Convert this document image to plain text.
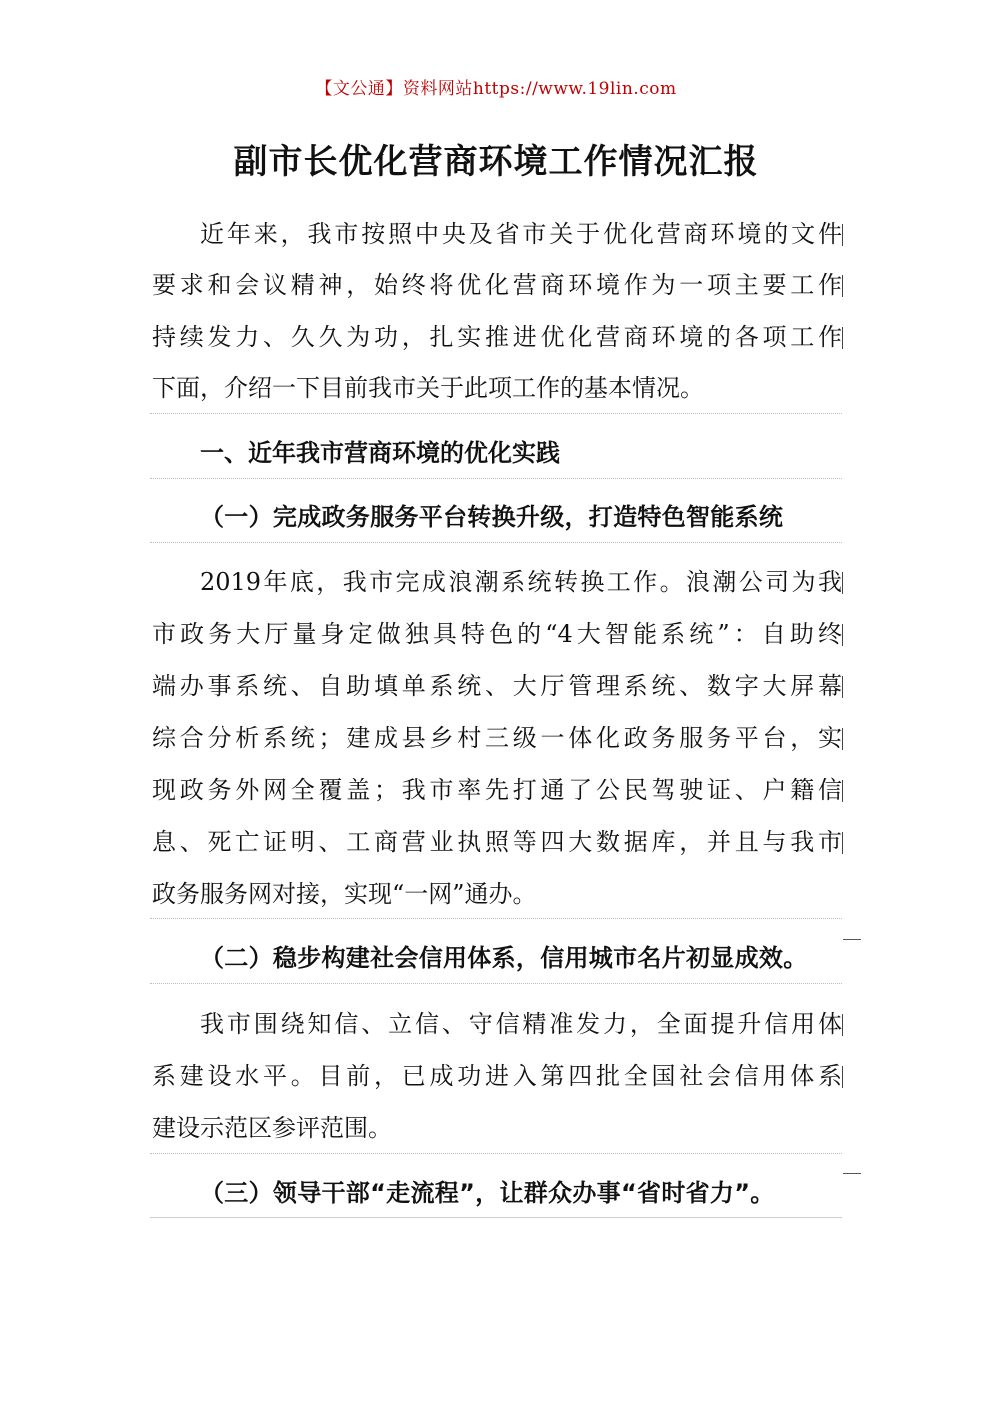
【文公通】资料网站https://www.19lin.com
副市长优化营商环境工作情况汇报
近年来，我市按照中央及省市关于优化营商环境的文件
要求和会议精神，始终将优化营商环境作为一项主要工作
持续发力、久久为功，扎实推进优化营商环境的各项工作
下面，介绍一下目前我市关于此项工作的基本情况。
一、近年我市营商环境的优化实践
（一）完成政务服务平台转换升级，打造特色智能系统
2019年底，我市完成浪潮系统转换工作。浪潮公司为我
市政务大厅量身定做独具特色的“4大智能系统”：自助终
端办事系统、自助填单系统、大厅管理系统、数字大屏幕
综合分析系统；建成县乡村三级一体化政务服务平台，实
现政务外网全覆盖；我市率先打通了公民驾驶证、户籍信
息、死亡证明、工商营业执照等四大数据库，并且与我市
政务服务网对接，实现“一网”通办。
（二）稳步构建社会信用体系，信用城市名片初显成效。
我市围绕知信、立信、守信精准发力，全面提升信用体
系建设水平。目前，已成功进入第四批全国社会信用体系
建设示范区参评范围。
（三）领导干部“走流程”，让群众办事“省时省力”。
